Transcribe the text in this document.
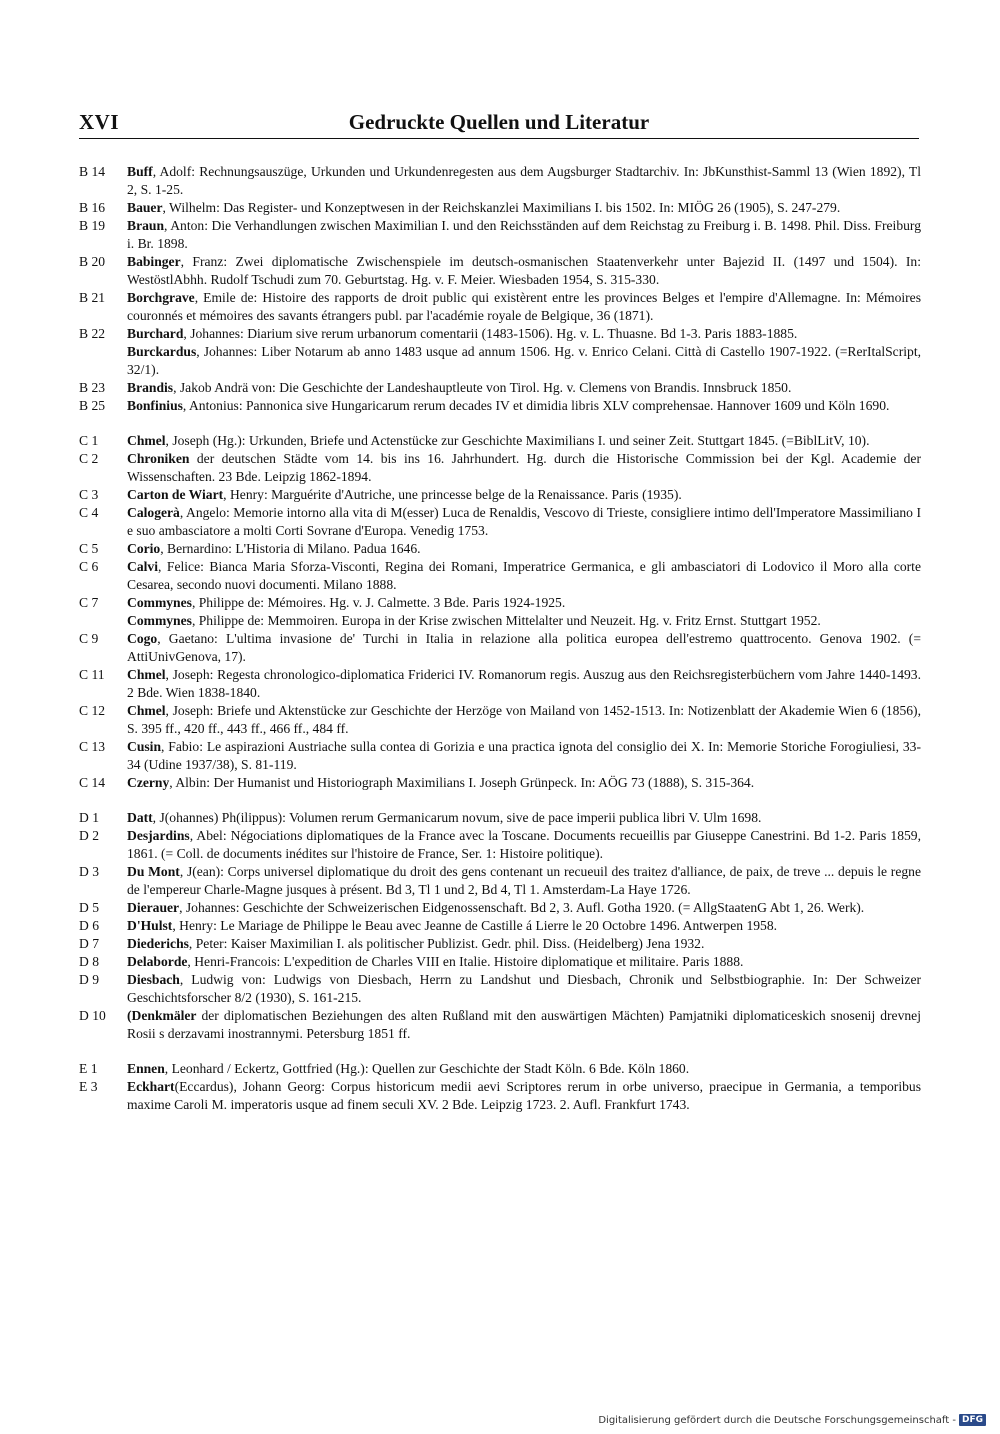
XVI	Gedruckte Quellen und Literatur
B 14	Buff, Adolf: Rechnungsauszüge, Urkunden und Urkundenregesten aus dem Augsburger Stadtarchiv. In: JbKunsthist-Samml 13 (Wien 1892), Tl 2, S. 1-25.
B 16	Bauer, Wilhelm: Das Register- und Konzeptwesen in der Reichskanzlei Maximilians I. bis 1502. In: MIÖG 26 (1905), S. 247-279.
B 19	Braun, Anton: Die Verhandlungen zwischen Maximilian I. und den Reichsständen auf dem Reichstag zu Freiburg i. B. 1498. Phil. Diss. Freiburg i. Br. 1898.
B 20	Babinger, Franz: Zwei diplomatische Zwischenspiele im deutsch-osmanischen Staatenverkehr unter Bajezid II. (1497 und 1504). In: WestöstlAbhh. Rudolf Tschudi zum 70. Geburtstag. Hg. v. F. Meier. Wiesbaden 1954, S. 315-330.
B 21	Borchgrave, Emile de: Histoire des rapports de droit public qui existèrent entre les provinces Belges et l'empire d'Allemagne. In: Mémoires couronnés et mémoires des savants étrangers publ. par l'académie royale de Belgique, 36 (1871).
B 22	Burchard, Johannes: Diarium sive rerum urbanorum comentarii (1483-1506). Hg. v. L. Thuasne. Bd 1-3. Paris 1883-1885.
Burckardus, Johannes: Liber Notarum ab anno 1483 usque ad annum 1506. Hg. v. Enrico Celani. Città di Castello 1907-1922. (=RerItalScript, 32/1).
B 23	Brandis, Jakob Andrä von: Die Geschichte der Landeshauptleute von Tirol. Hg. v. Clemens von Brandis. Innsbruck 1850.
B 25	Bonfinius, Antonius: Pannonica sive Hungaricarum rerum decades IV et dimidia libris XLV comprehensae. Hannover 1609 und Köln 1690.
C 1	Chmel, Joseph (Hg.): Urkunden, Briefe und Actenstücke zur Geschichte Maximilians I. und seiner Zeit. Stuttgart 1845. (=BiblLitV, 10).
C 2	Chroniken der deutschen Städte vom 14. bis ins 16. Jahrhundert. Hg. durch die Historische Commission bei der Kgl. Academie der Wissenschaften. 23 Bde. Leipzig 1862-1894.
C 3	Carton de Wiart, Henry: Marguérite d'Autriche, une princesse belge de la Renaissance. Paris (1935).
C 4	Calogerà, Angelo: Memorie intorno alla vita di M(esser) Luca de Renaldis, Vescovo di Trieste, consigliere intimo dell'Imperatore Massimiliano I e suo ambasciatore a molti Corti Sovrane d'Europa. Venedig 1753.
C 5	Corio, Bernardino: L'Historia di Milano. Padua 1646.
C 6	Calvi, Felice: Bianca Maria Sforza-Visconti, Regina dei Romani, Imperatrice Germanica, e gli ambasciatori di Lodovico il Moro alla corte Cesarea, secondo nuovi documenti. Milano 1888.
C 7	Commynes, Philippe de: Mémoires. Hg. v. J. Calmette. 3 Bde. Paris 1924-1925.
Commynes, Philippe de: Memmoiren. Europa in der Krise zwischen Mittelalter und Neuzeit. Hg. v. Fritz Ernst. Stuttgart 1952.
C 9	Cogo, Gaetano: L'ultima invasione de' Turchi in Italia in relazione alla politica europea dell'estremo quattrocento. Genova 1902. (= AttiUnivGenova, 17).
C 11	Chmel, Joseph: Regesta chronologico-diplomatica Friderici IV. Romanorum regis. Auszug aus den Reichsregisterbüchern vom Jahre 1440-1493. 2 Bde. Wien 1838-1840.
C 12	Chmel, Joseph: Briefe und Aktenstücke zur Geschichte der Herzöge von Mailand von 1452-1513. In: Notizenblatt der Akademie Wien 6 (1856), S. 395 ff., 420 ff., 443 ff., 466 ff., 484 ff.
C 13	Cusin, Fabio: Le aspirazioni Austriache sulla contea di Gorizia e una practica ignota del consiglio dei X. In: Memorie Storiche Forogiuliesi, 33-34 (Udine 1937/38), S. 81-119.
C 14	Czerny, Albin: Der Humanist und Historiograph Maximilians I. Joseph Grünpeck. In: AÖG 73 (1888), S. 315-364.
D 1	Datt, J(ohannes) Ph(ilippus): Volumen rerum Germanicarum novum, sive de pace imperii publica libri V. Ulm 1698.
D 2	Desjardins, Abel: Négociations diplomatiques de la France avec la Toscane. Documents recueillis par Giuseppe Canestrini. Bd 1-2. Paris 1859, 1861. (= Coll. de documents inédites sur l'histoire de France, Ser. 1: Histoire politique).
D 3	Du Mont, J(ean): Corps universel diplomatique du droit des gens contenant un recueuil des traitez d'alliance, de paix, de treve ... depuis le regne de l'empereur Charle-Magne jusques à présent. Bd 3, Tl 1 und 2, Bd 4, Tl 1. Amsterdam-La Haye 1726.
D 5	Dierauer, Johannes: Geschichte der Schweizerischen Eidgenossenschaft. Bd 2, 3. Aufl. Gotha 1920. (= AllgStaatenG Abt 1, 26. Werk).
D 6	D'Hulst, Henry: Le Mariage de Philippe le Beau avec Jeanne de Castille á Lierre le 20 Octobre 1496. Antwerpen 1958.
D 7	Diederichs, Peter: Kaiser Maximilian I. als politischer Publizist. Gedr. phil. Diss. (Heidelberg) Jena 1932.
D 8	Delaborde, Henri-Francois: L'expedition de Charles VIII en Italie. Histoire diplomatique et militaire. Paris 1888.
D 9	Diesbach, Ludwig von: Ludwigs von Diesbach, Herrn zu Landshut und Diesbach, Chronik und Selbstbiographie. In: Der Schweizer Geschichtsforscher 8/2 (1930), S. 161-215.
D 10	(Denkmäler der diplomatischen Beziehungen des alten Rußland mit den auswärtigen Mächten) Pamjatniki diplomaticeskich snosenij drevnej Rosii s derzavami inostrannymi. Petersburg 1851 ff.
E 1	Ennen, Leonhard / Eckertz, Gottfried (Hg.): Quellen zur Geschichte der Stadt Köln. 6 Bde. Köln 1860.
E 3	Eckhart(Eccardus), Johann Georg: Corpus historicum medii aevi Scriptores rerum in orbe universo, praecipue in Germania, a temporibus maxime Caroli M. imperatoris usque ad finem seculi XV. 2 Bde. Leipzig 1723. 2. Aufl. Frankfurt 1743.
Digitalisierung gefördert durch die Deutsche Forschungsgemeinschaft - DFG
